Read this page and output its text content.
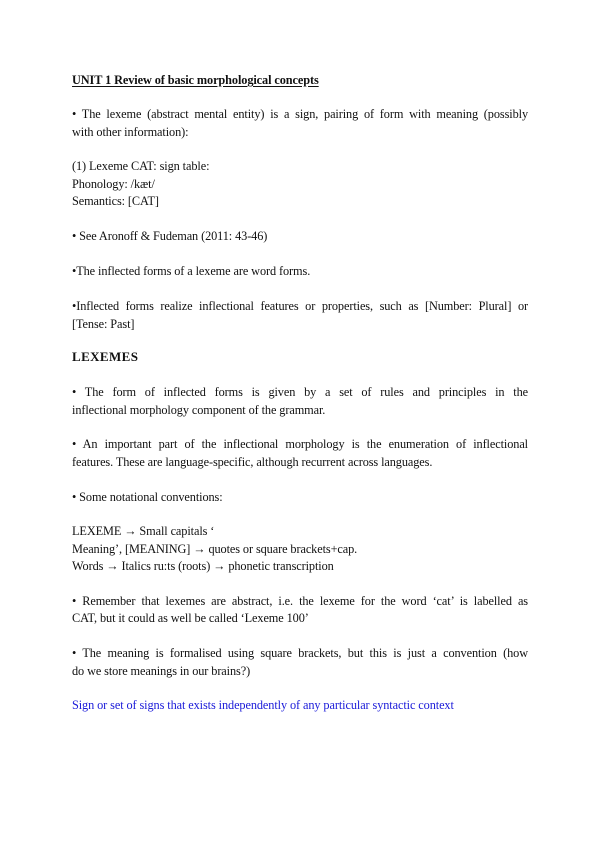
UNIT 1 Review of basic morphological concepts
• The lexeme (abstract mental entity) is a sign, pairing of form with meaning (possibly
with other information):
(1) Lexeme CAT: sign table:
Phonology: /kæt/
Semantics: [CAT]
• See Aronoff & Fudeman (2011: 43-46)
•The inflected forms of a lexeme are word forms.
•Inflected forms realize inflectional features or properties, such as [Number: Plural] or
[Tense: Past]
LEXEMES
• The form of inflected forms is given by a set of rules and principles in the
inflectional morphology component of the grammar.
• An important part of the inflectional morphology is the enumeration of inflectional
features. These are language-specific, although recurrent across languages.
• Some notational conventions:
LEXEME → Small capitals ‘
Meaning’, [MEANING] → quotes or square brackets+cap.
Words → Italics ru:ts (roots) → phonetic transcription
• Remember that lexemes are abstract, i.e. the lexeme for the word ‘cat’ is labelled as
CAT, but it could as well be called ‘Lexeme 100’
• The meaning is formalised using square brackets, but this is just a convention (how
do we store meanings in our brains?)
Sign or set of signs that exists independently of any particular syntactic context
